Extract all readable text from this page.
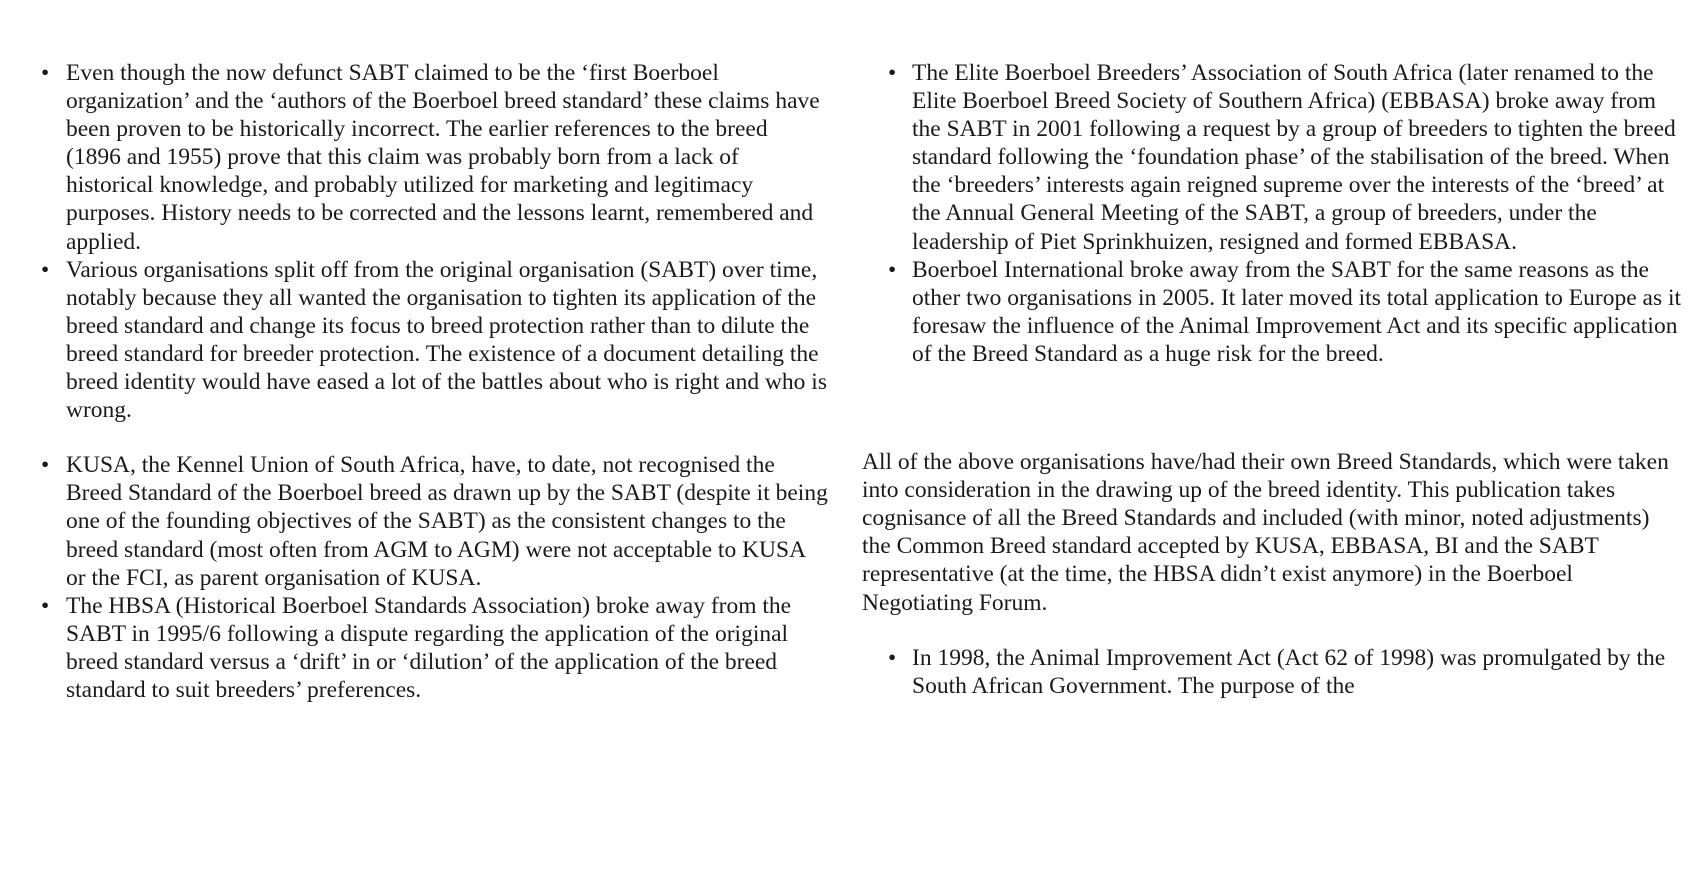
• Even though the now defunct SABT claimed to be the ‘first Boerboel organization’ and the ‘authors of the Boerboel breed standard’ these claims have been proven to be historically incorrect. The earlier references to the breed (1896 and 1955) prove that this claim was probably born from a lack of historical knowledge, and probably utilized for marketing and legitimacy purposes. History needs to be corrected and the lessons learnt, remembered and applied.
• Various organisations split off from the original organisation (SABT) over time, notably because they all wanted the organisation to tighten its application of the breed standard and change its focus to breed protection rather than to dilute the breed standard for breeder protection. The existence of a document detailing the breed identity would have eased a lot of the battles about who is right and who is wrong.
• KUSA, the Kennel Union of South Africa, have, to date, not recognised the Breed Standard of the Boerboel breed as drawn up by the SABT (despite it being one of the founding objectives of the SABT) as the consistent changes to the breed standard (most often from AGM to AGM) were not acceptable to KUSA or the FCI, as parent organisation of KUSA.
• The HBSA (Historical Boerboel Standards Association) broke away from the SABT in 1995/6 following a dispute regarding the application of the original breed standard versus a ‘drift’ in or ‘dilution’ of the application of the breed standard to suit breeders’ preferences.
• The Elite Boerboel Breeders’ Association of South Africa (later renamed to the Elite Boerboel Breed Society of Southern Africa) (EBBASA) broke away from the SABT in 2001 following a request by a group of breeders to tighten the breed standard following the ‘foundation phase’ of the stabilisation of the breed. When the ‘breeders’ interests again reigned supreme over the interests of the ‘breed’ at the Annual General Meeting of the SABT, a group of breeders, under the leadership of Piet Sprinkhuizen, resigned and formed EBBASA.
• Boerboel International broke away from the SABT for the same reasons as the other two organisations in 2005. It later moved its total application to Europe as it foresaw the influence of the Animal Improvement Act and its specific application of the Breed Standard as a huge risk for the breed.

All of the above organisations have/had their own Breed Standards, which were taken into consideration in the drawing up of the breed identity. This publication takes cognisance of all the Breed Standards and included (with minor, noted adjustments) the Common Breed standard accepted by KUSA, EBBASA, BI and the SABT representative (at the time, the HBSA didn’t exist anymore) in the Boerboel Negotiating Forum.

• In 1998, the Animal Improvement Act (Act 62 of 1998) was promulgated by the South African Government. The purpose of the
